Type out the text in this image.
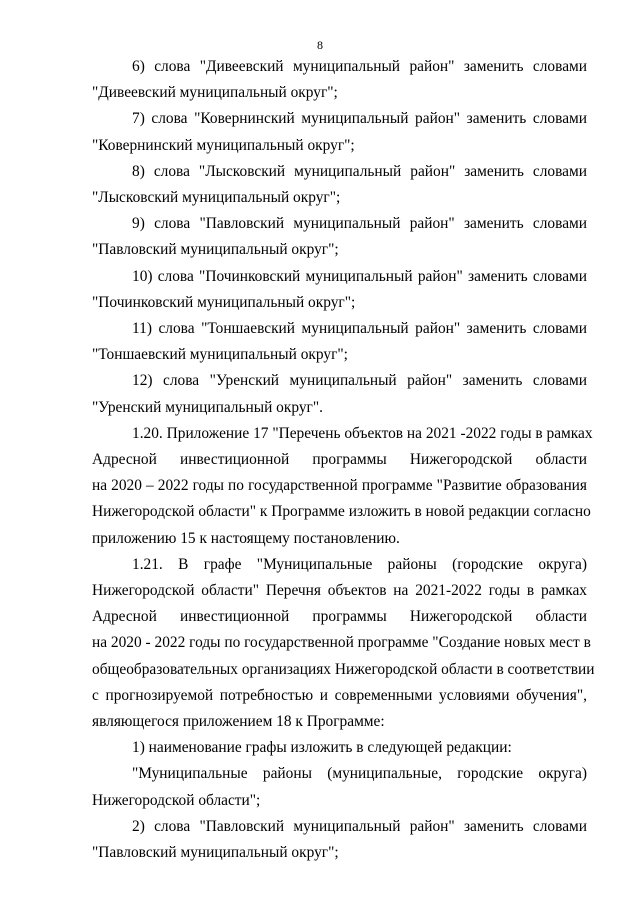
8
6) слова "Дивеевский муниципальный район" заменить словами
"Дивеевский муниципальный округ";
7) слова "Ковернинский муниципальный район" заменить словами
"Ковернинский муниципальный округ";
8) слова "Лысковский муниципальный район" заменить словами
"Лысковский муниципальный округ";
9) слова "Павловский муниципальный район" заменить словами
"Павловский муниципальный округ";
10) слова "Починковский муниципальный район" заменить словами
"Починковский муниципальный округ";
11) слова "Тоншаевский муниципальный район" заменить словами
"Тоншаевский муниципальный округ";
12) слова "Уренский муниципальный район" заменить словами
"Уренский муниципальный округ".
1.20. Приложение 17 "Перечень объектов на 2021 -2022 годы в рамках
Адресной инвестиционной программы Нижегородской области
на 2020 – 2022 годы по государственной программе "Развитие образования
Нижегородской области" к Программе изложить в новой редакции согласно
приложению 15 к настоящему постановлению.
1.21. В графе "Муниципальные районы (городские округа)
Нижегородской области" Перечня объектов на 2021-2022 годы в рамках
Адресной инвестиционной программы Нижегородской области
на 2020 - 2022 годы по государственной программе "Создание новых мест в
общеобразовательных организациях Нижегородской области в соответствии
с прогнозируемой потребностью и современными условиями обучения",
являющегося приложением 18 к Программе:
1) наименование графы изложить в следующей редакции:
"Муниципальные районы (муниципальные, городские округа)
Нижегородской области";
2) слова "Павловский муниципальный район" заменить словами
"Павловский муниципальный округ";
